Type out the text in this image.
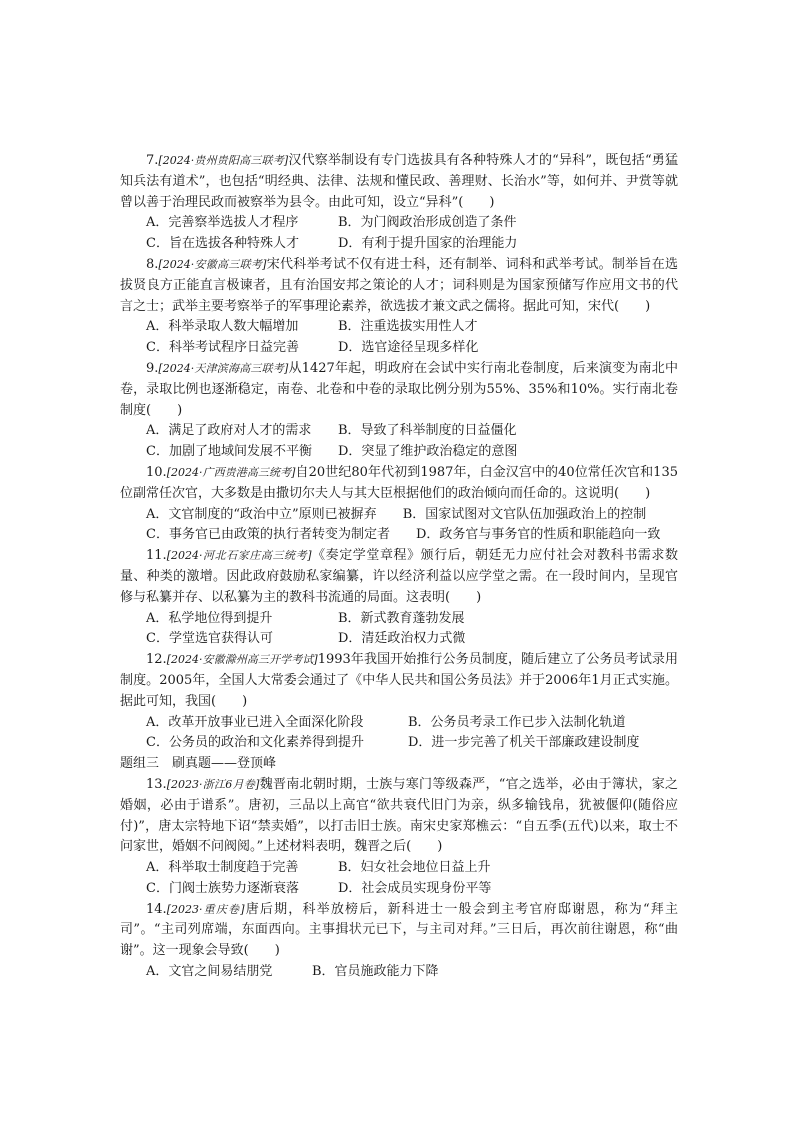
7.[2024·贵州贵阳高三联考]汉代察举制设有专门选拔具有各种特殊人才的“异科”，既包括“勇猛知兵法有道术”，也包括“明经典、法律、法规和懂民政、善理财、长治水”等，如何并、尹赏等就曾以善于治理民政而被察举为县令。由此可知，设立“异科”(　　)

A．完善察举选拔人才程序	B．为门阀政治形成创造了条件
C．旨在选拔各种特殊人才	D．有利于提升国家的治理能力

8.[2024·安徽高三联考]宋代科举考试不仅有进士科，还有制举、词科和武举考试。制举旨在选拔贤良方正能直言极谏者，且有治国安邦之策论的人才；词科则是为国家预储写作应用文书的代言之士；武举主要考察举子的军事理论素养，欲选拔才兼文武之儒将。据此可知，宋代(　　)

A．科举录取人数大幅增加	B．注重选拔实用性人才
C．科举考试程序日益完善	D．选官途径呈现多样化

9.[2024·天津滨海高三联考]从1427年起，明政府在会试中实行南北卷制度，后来演变为南北中卷，录取比例也逐渐稳定，南卷、北卷和中卷的录取比例分别为55%、35%和10%。实行南北卷制度(　　)

A．满足了政府对人才的需求	B．导致了科举制度的日益僵化
C．加剧了地域间发展不平衡	D．突显了维护政治稳定的意图

10.[2024·广西贵港高三统考]自20世纪80年代初到1987年，白金汉宫中的40位常任次官和135位副常任次官，大多数是由撒切尔夫人与其大臣根据他们的政治倾向而任命的。这说明(　　)

A．文官制度的“政治中立”原则已被摒弃　　 B．国家试图对文官队伍加强政治上的控制

C．事务官已由政策的执行者转变为制定者　　 D．政务官与事务官的性质和职能趋向一致

11.[2024·河北石家庄高三统考]《奏定学堂章程》颁行后，朝廷无力应付社会对教科书需求数量、种类的激增。因此政府鼓励私家编纂，许以经济利益以应学堂之需。在一段时间内，呈现官修与私纂并存、以私纂为主的教科书流通的局面。这表明(　　)

A．私学地位得到提升	B．新式教育蓬勃发展
C．学堂选官获得认可	D．清廷政治权力式微

12.[2024·安徽滁州高三开学考试]1993年我国开始推行公务员制度，随后建立了公务员考试录用制度。2005年，全国人大常委会通过了《中华人民共和国公务员法》并于2006年1月正式实施。据此可知，我国(　　)

A．改革开放事业已进入全面深化阶段	B．公务员考录工作已步入法制化轨道
C．公务员的政治和文化素养得到提升	D．进一步完善了机关干部廉政建设制度

题组三　刷真题——登顶峰

13.[2023·浙江6月卷]魏晋南北朝时期，士族与寒门等级森严，“官之选举，必由于簿状，家之婚姻，必由于谱系”。唐初，三品以上高官“欲共衰代旧门为亲，纵多输钱帛，犹被偃仰(随俗应付)”，唐太宗特地下诏“禁卖婚”，以打击旧士族。南宋史家郑樵云：“自五季(五代)以来，取士不问家世，婚姻不问阀阅。”上述材料表明，魏晋之后(　　)

A．科举取士制度趋于完善	B．妇女社会地位日益上升
C．门阀士族势力逐渐衰落	D．社会成员实现身份平等

14.[2023·重庆卷]唐后期，科举放榜后，新科进士一般会到主考官府邸谢恩，称为“拜主司”。“主司列席端，东面西向。主事揖状元已下，与主司对拜。”三日后，再次前往谢恩，称“曲谢”。这一现象会导致(　　)

A．文官之间易结朋党	B．官员施政能力下降
